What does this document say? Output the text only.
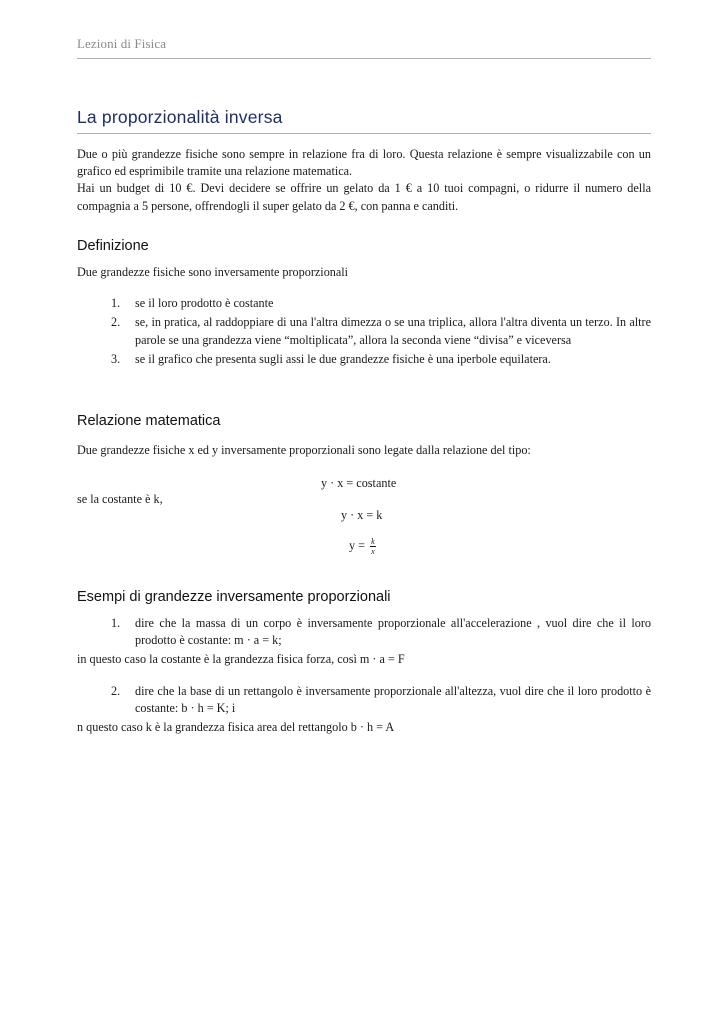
Lezioni di Fisica
La proporzionalità inversa

Due o più grandezze fisiche sono sempre in relazione fra di loro. Questa relazione è sempre visualizzabile con un grafico ed esprimibile tramite una relazione matematica.

Hai un budget di 10 €. Devi decidere se offrire un gelato da 1 € a 10 tuoi compagni, o ridurre il numero della compagnia a 5 persone, offrendogli il super gelato da 2 €, con panna e canditi.

Definizione

Due grandezze fisiche sono inversamente proporzionali

1. se il loro prodotto è costante
2. se, in pratica, al raddoppiare di una l'altra dimezza o se una triplica, allora l'altra diventa un terzo. In altre parole se una grandezza viene “moltiplicata”, allora la seconda viene “divisa” e viceversa
3. se il grafico che presenta sugli assi le due grandezze fisiche è una iperbole equilatera.
Relazione matematica

Due grandezze fisiche x ed y inversamente proporzionali sono legate dalla relazione del tipo:

y · x = costante
se la costante è k,
y · x = k
$y = \frac{k}{x}$
Esempi di grandezze inversamente proporzionali
1. dire che la massa di un corpo è inversamente proporzionale all'accelerazione , vuol dire che il loro prodotto è costante: m · a = k;

in questo caso la costante è la grandezza fisica forza, così m · a = F

2. dire che la base di un rettangolo è inversamente proporzionale all'altezza, vuol dire che il loro prodotto è costante: b · h = K; i

n questo caso k è la grandezza fisica area del rettangolo b · h = A
